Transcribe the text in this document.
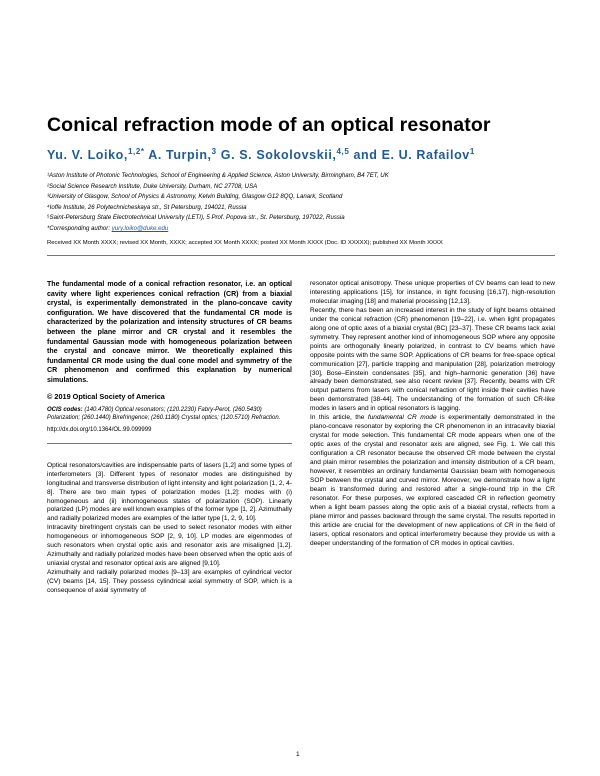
Conical refraction mode of an optical resonator
Yu. V. Loiko,$^{1,2*}$ A. Turpin,$^3$ G. S. Sokolovskii,$^{4,5}$ and E. U. Rafailov$^1$
¹Aston Institute of Photonic Technologies, School of Engineering & Applied Science, Aston University, Birmingham, B4 7ET, UK
²Social Science Research Institute, Duke University, Durham, NC 27708, USA
³University of Glasgow, School of Physics & Astronomy, Kelvin Building, Glasgow G12 8QQ, Lanark, Scotland
⁴Ioffe Institute, 26 Polytechnicheskaya str., St Petersburg, 194021, Russia
⁵Saint-Petersburg State Electrotechnical University (LETI), 5 Prof. Popova str., St. Petersburg, 197022, Russia
*Corresponding author: yury.loiko@duke.edu
Received XX Month XXXX; revised XX Month, XXXX; accepted XX Month XXXX; posted XX Month XXXX (Doc. ID XXXXX); published XX Month XXXX

The fundamental mode of a conical refraction resonator, i.e. an optical cavity where light experiences conical refraction (CR) from a biaxial crystal, is experimentally demonstrated in the plano-concave cavity configuration. We have discovered that the fundamental CR mode is characterized by the polarization and intensity structures of CR beams between the plane mirror and CR crystal and it resembles the fundamental Gaussian mode with homogeneous polarization between the crystal and concave mirror. We theoretically explained this fundamental CR mode using the dual cone model and symmetry of the CR phenomenon and confirmed this explanation by numerical simulations.

© 2019 Optical Society of America
OCIS codes: (140.4780) Optical resonators; (120.2230) Fabry-Perot, (260.5430) Polarization; (260.1440) Birefringence; (260.1180) Crystal optics; (120.5710) Refraction.
http://dx.doi.org/10.1364/OL.99.099999

Optical resonators/cavities are indispensable parts of lasers [1,2] and some types of interferometers [3]. Different types of resonator modes are distinguished by longitudinal and transverse distribution of light intensity and light polarization [1, 2, 4-8]. There are two main types of polarization modes [1,2]: modes with (i) homogeneous and (ii) inhomogeneous states of polarization (SOP). Linearly polarized (LP) modes are well known examples of the former type [1, 2]. Azimuthally and radially polarized modes are examples of the latter type [1, 2, 9, 10].

Intracavity birefringent crystals can be used to select resonator modes with either homogeneous or inhomogeneous SOP [2, 9, 10]. LP modes are eigenmodes of such resonators when crystal optic axis and resonator axis are misaligned [1,2]. Azimuthally and radially polarized modes have been observed when the optic axis of uniaxial crystal and resonator optical axis are aligned [9,10].

Azimuthally and radially polarized modes [9–13] are examples of cylindrical vector (CV) beams [14, 15]. They possess cylindrical axial symmetry of SOP, which is a consequence of axial symmetry of

resonator optical anisotropy. These unique properties of CV beams can lead to new interesting applications [15], for instance, in tight focusing [16,17], high-resolution molecular imaging [18] and material processing [12,13].

Recently, there has been an increased interest in the study of light beams obtained under the conical refraction (CR) phenomenon [19–22], i.e. when light propagates along one of optic axes of a biaxial crystal (BC) [23–37]. These CR beams lack axial symmetry. They represent another kind of inhomogeneous SOP where any opposite points are orthogonally linearly polarized, in contrast to CV beams which have opposite points with the same SOP. Applications of CR beams for free-space optical communication [27], particle trapping and manipulation [28], polarization metrology [30], Bose–Einstein condensates [35], and high–harmonic generation [36] have already been demonstrated, see also recent review [37]. Recently, beams with CR output patterns from lasers with conical refraction of light inside their cavities have been demonstrated [38-44]. The understanding of the formation of such CR-like modes in lasers and in optical resonators is lagging.

In this article, the fundamental CR mode is experimentally demonstrated in the plano-concave resonator by exploring the CR phenomenon in an intracavity biaxial crystal for mode selection. This fundamental CR mode appears when one of the optic axes of the crystal and resonator axis are aligned, see Fig. 1. We call this configuration a CR resonator because the observed CR mode between the crystal and plain mirror resembles the polarization and intensity distribution of a CR beam, however, it resembles an ordinary fundamental Gaussian beam with homogeneous SOP between the crystal and curved mirror. Moreover, we demonstrate how a light beam is transformed during and restored after a single-round trip in the CR resonator. For these purposes, we explored cascaded CR in reflection geometry when a light beam passes along the optic axis of a biaxial crystal, reflects from a plane mirror and passes backward through the same crystal. The results reported in this article are crucial for the development of new applications of CR in the field of lasers, optical resonators and optical interferometry because they provide us with a deeper understanding of the formation of CR modes in optical cavities.

1
